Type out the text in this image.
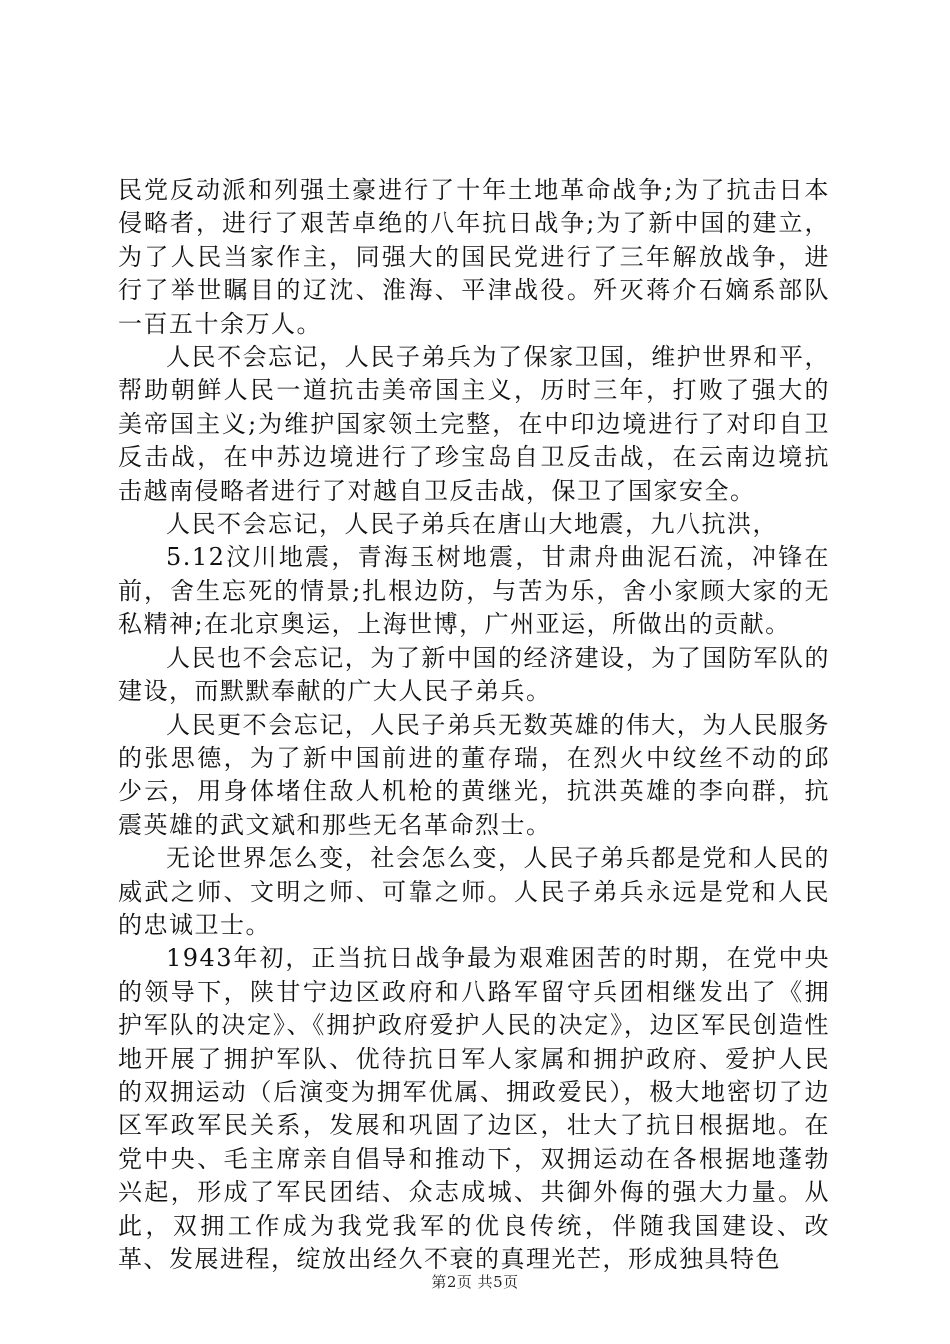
民党反动派和列强土豪进行了十年土地革命战争;为了抗击日本侵略者，进行了艰苦卓绝的八年抗日战争;为了新中国的建立，为了人民当家作主，同强大的国民党进行了三年解放战争，进行了举世瞩目的辽沈、淮海、平津战役。歼灭蒋介石嫡系部队一百五十余万人。

人民不会忘记，人民子弟兵为了保家卫国，维护世界和平，帮助朝鲜人民一道抗击美帝国主义，历时三年，打败了强大的美帝国主义;为维护国家领土完整，在中印边境进行了对印自卫反击战，在中苏边境进行了珍宝岛自卫反击战，在云南边境抗击越南侵略者进行了对越自卫反击战，保卫了国家安全。

人民不会忘记，人民子弟兵在唐山大地震，九八抗洪，

5.12汶川地震，青海玉树地震，甘肃舟曲泥石流，冲锋在前，舍生忘死的情景;扎根边防，与苦为乐，舍小家顾大家的无私精神;在北京奥运，上海世博，广州亚运，所做出的贡献。

人民也不会忘记，为了新中国的经济建设，为了国防军队的建设，而默默奉献的广大人民子弟兵。

人民更不会忘记，人民子弟兵无数英雄的伟大，为人民服务的张思德，为了新中国前进的董存瑞，在烈火中纹丝不动的邱少云，用身体堵住敌人机枪的黄继光，抗洪英雄的李向群，抗震英雄的武文斌和那些无名革命烈士。

无论世界怎么变，社会怎么变，人民子弟兵都是党和人民的威武之师、文明之师、可靠之师。人民子弟兵永远是党和人民的忠诚卫士。

1943年初，正当抗日战争最为艰难困苦的时期，在党中央的领导下，陕甘宁边区政府和八路军留守兵团相继发出了《拥护军队的决定》、《拥护政府爱护人民的决定》，边区军民创造性地开展了拥护军队、优待抗日军人家属和拥护政府、爱护人民的双拥运动（后演变为拥军优属、拥政爱民），极大地密切了边区军政军民关系，发展和巩固了边区，壮大了抗日根据地。在党中央、毛主席亲自倡导和推动下，双拥运动在各根据地蓬勃兴起，形成了军民团结、众志成城、共御外侮的强大力量。从此，双拥工作成为我党我军的优良传统，伴随我国建设、改革、发展进程，绽放出经久不衰的真理光芒，形成独具特色

第2页 共5页
